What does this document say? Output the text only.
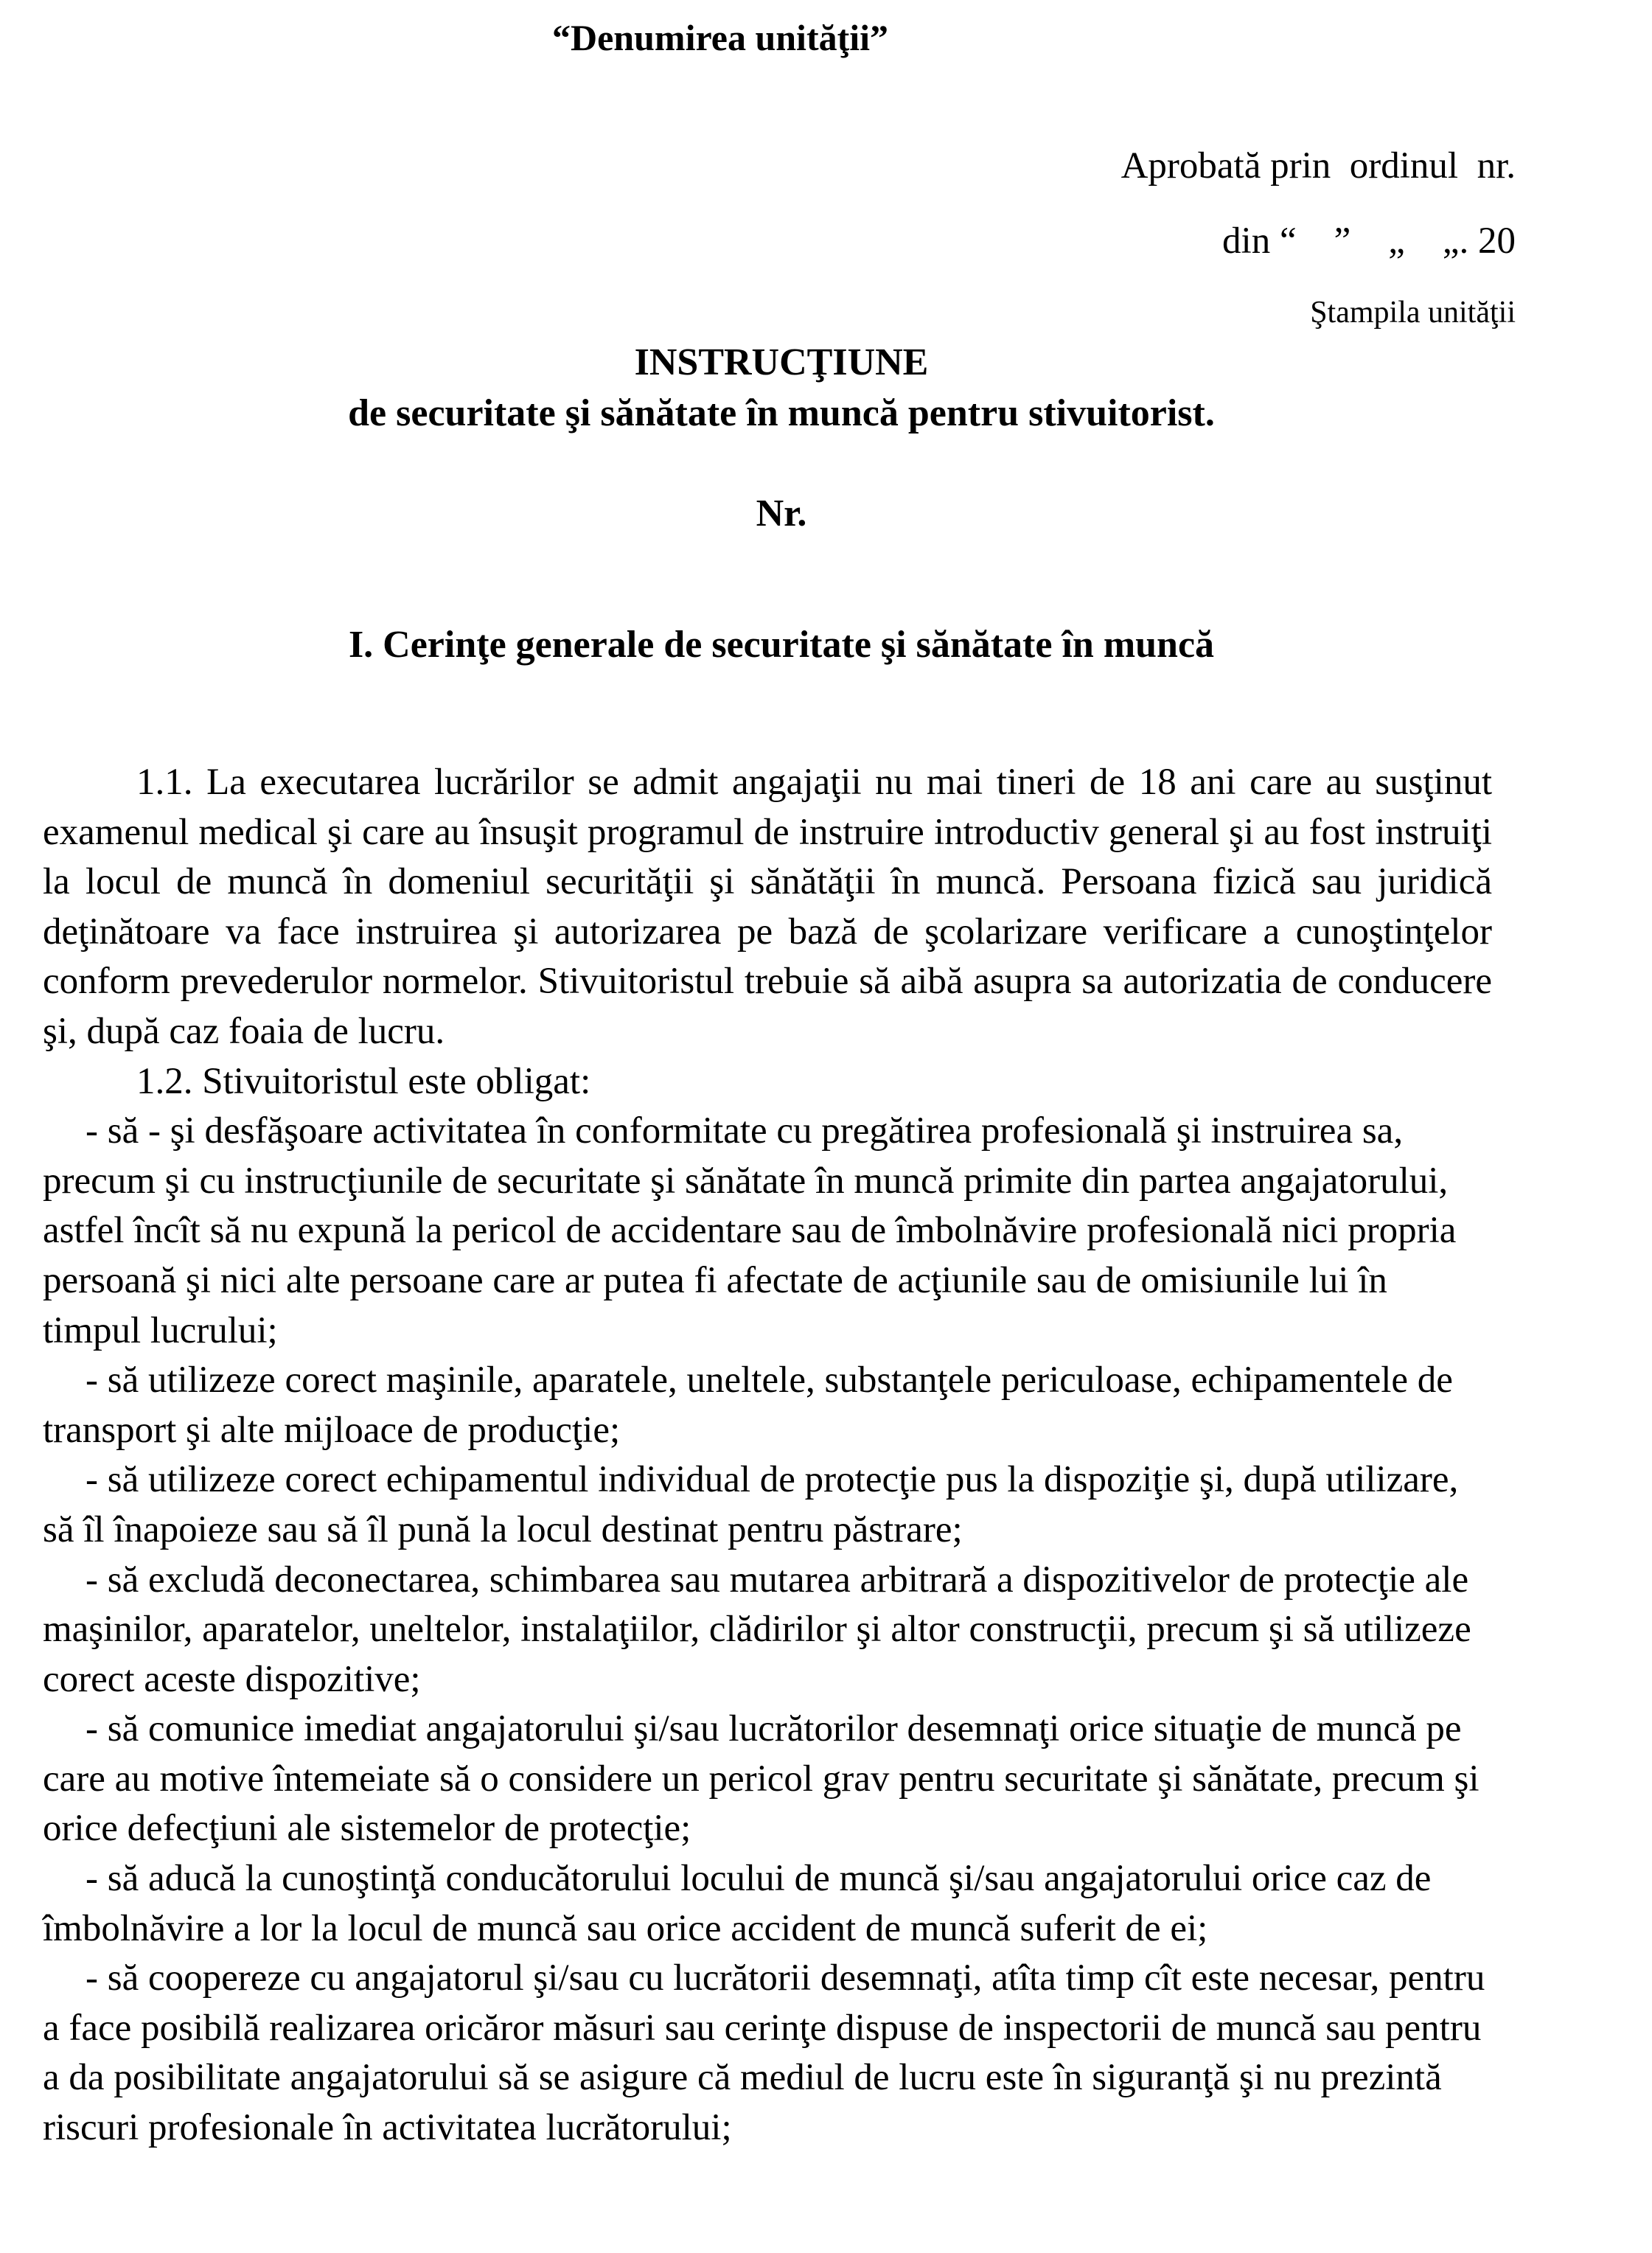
“Denumirea unităţii”

Aprobată prin  ordinul  nr.

din “    ”    „    „. 20

Ştampila unităţii

INSTRUCŢIUNE
de securitate şi sănătate în muncă pentru stivuitorist.
Nr.
I. Cerinţe generale de securitate şi sănătate în muncă

1.1. La executarea lucrărilor se admit angajaţii nu mai tineri de 18 ani care au susţinut examenul medical şi care au însuşit programul de instruire introductiv general şi au fost instruiţi la locul de muncă în domeniul securităţii şi sănătăţii în muncă. Persoana fizică sau juridică deţinătoare va face instruirea şi autorizarea pe bază de şcolarizare verificare a cunoştinţelor conform prevederulor normelor. Stivuitoristul trebuie să aibă asupra sa autorizatia de conducere şi, după caz foaia de lucru.

1.2. Stivuitoristul este obligat:

- să - şi desfăşoare activitatea în conformitate cu pregătirea profesională şi instruirea sa, precum şi cu instrucţiunile de securitate şi sănătate în muncă primite din partea angajatorului, astfel încît să nu expună la pericol de accidentare sau de îmbolnăvire profesională nici propria persoană şi nici alte persoane care ar putea fi afectate de acţiunile sau de omisiunile lui în timpul lucrului;

- să utilizeze corect maşinile, aparatele, uneltele, substanţele periculoase, echipamentele de transport şi alte mijloace de producţie;

- să utilizeze corect echipamentul individual de protecţie pus la dispoziţie şi, după utilizare, să îl înapoieze sau să îl pună la locul destinat pentru păstrare;

- să excludă deconectarea, schimbarea sau mutarea arbitrară a dispozitivelor de protecţie ale maşinilor, aparatelor, uneltelor, instalaţiilor, clădirilor şi altor construcţii, precum şi să utilizeze corect aceste dispozitive;

- să comunice imediat angajatorului şi/sau lucrătorilor desemnaţi orice situaţie de muncă pe care au motive întemeiate să o considere un pericol grav pentru securitate şi sănătate, precum şi orice defecţiuni ale sistemelor de protecţie;

- să aducă la cunoştinţă conducătorului locului de muncă şi/sau angajatorului orice caz de îmbolnăvire a lor la locul de muncă sau orice accident de muncă suferit de ei;

- să coopereze cu angajatorul şi/sau cu lucrătorii desemnaţi, atîta timp cît este necesar, pentru a face posibilă realizarea oricăror măsuri sau cerinţe dispuse de inspectorii de muncă sau pentru a da posibilitate angajatorului să se asigure că mediul de lucru este în siguranţă şi nu prezintă riscuri profesionale în activitatea lucrătorului;
